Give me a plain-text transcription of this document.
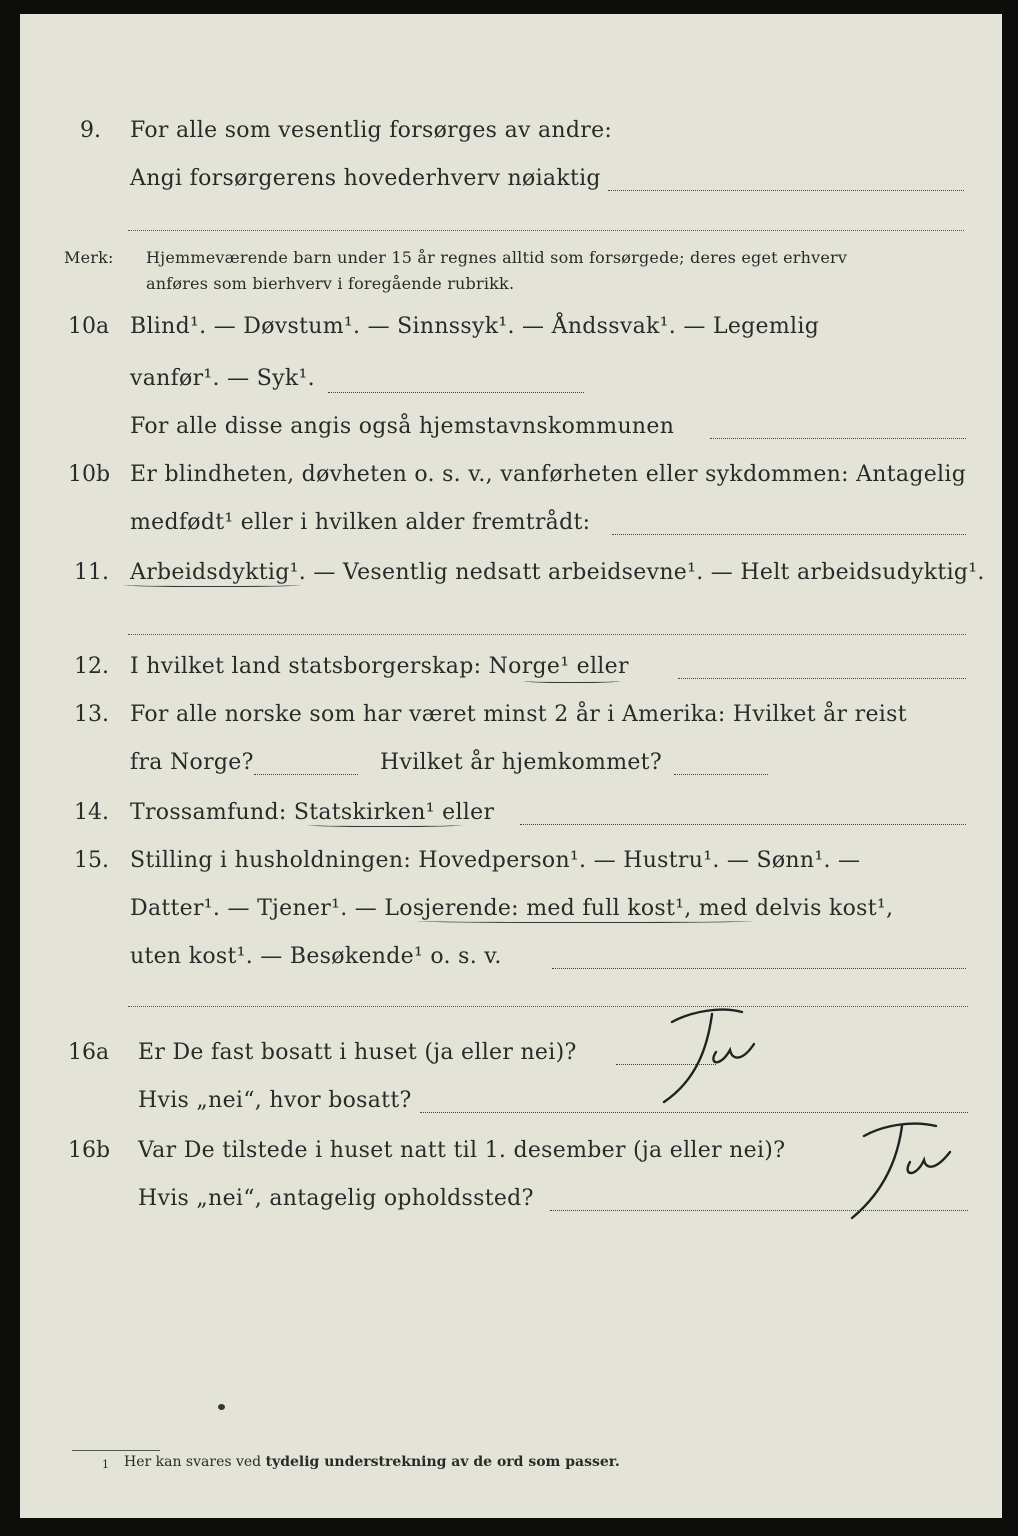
9. For alle som vesentlig forsørges av andre:
Angi forsørgerens hovederhverv nøiaktig
Merk: Hjemmeværende barn under 15 år regnes alltid som forsørgede; deres eget erhverv
anføres som bierhverv i foregående rubrikk.
10a Blind¹. — Døvstum¹. — Sinnssyk¹. — Åndssvak¹. — Legemlig
vanfør¹. — Syk¹.
For alle disse angis også hjemstavnskommunen
10b Er blindheten, døvheten o. s. v., vanførheten eller sykdommen: Antagelig
medfødt¹ eller i hvilken alder fremtrådt:
11. Arbeidsdyktig¹. — Vesentlig nedsatt arbeidsevne¹. — Helt arbeidsudyktig¹.
12. I hvilket land statsborgerskap: Norge¹ eller
13. For alle norske som har været minst 2 år i Amerika: Hvilket år reist
fra Norge?	Hvilket år hjemkommet?
14. Trossamfund: Statskirken¹ eller
15. Stilling i husholdningen: Hovedperson¹. — Hustru¹. — Sønn¹. —
Datter¹. — Tjener¹. — Losjerende: med full kost¹, med delvis kost¹,
uten kost¹. — Besøkende¹ o. s. v.
16a Er De fast bosatt i huset (ja eller nei)?
Hvis „nei“, hvor bosatt?
16b Var De tilstede i huset natt til 1. desember (ja eller nei)?
Hvis „nei“, antagelig opholdssted?
1 Her kan svares ved tydelig understrekning av de ord som passer.
